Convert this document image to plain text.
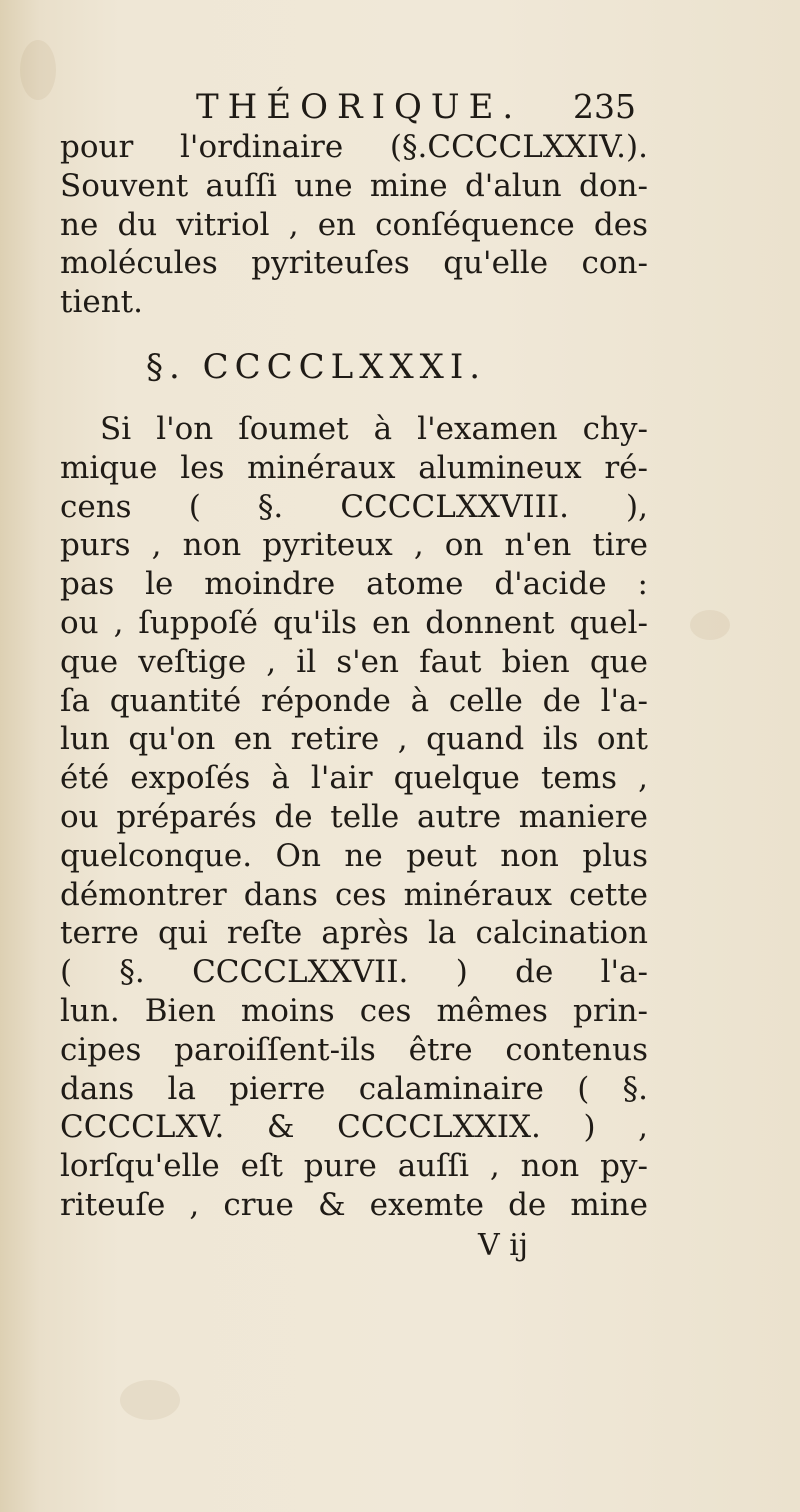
THÉORIQUE. 235
pour l'ordinaire (§.CCCCLXXIV.).
Souvent auſſi une mine d'alun don-
ne du vitriol , en conſéquence des
molécules pyriteuſes qu'elle con-
tient.
§. CCCCLXXXI.
Si l'on ſoumet à l'examen chy-
mique les minéraux alumineux ré-
cens ( §. CCCCLXXVIII. ),
purs , non pyriteux , on n'en tire
pas le moindre atome d'acide :
ou , ſuppoſé qu'ils en donnent quel-
que veſtige , il s'en faut bien que
ſa quantité réponde à celle de l'a-
lun qu'on en retire , quand ils ont
été expoſés à l'air quelque tems ,
ou préparés de telle autre maniere
quelconque. On ne peut non plus
démontrer dans ces minéraux cette
terre qui reſte après la calcination
( §. CCCCLXXVII. ) de l'a-
lun. Bien moins ces mêmes prin-
cipes paroiſſent-ils être contenus
dans la pierre calaminaire ( §.
CCCCLXV. & CCCCLXXIX. ) ,
lorſqu'elle eſt pure auſſi , non py-
riteuſe , crue & exemte de mine
V ij
